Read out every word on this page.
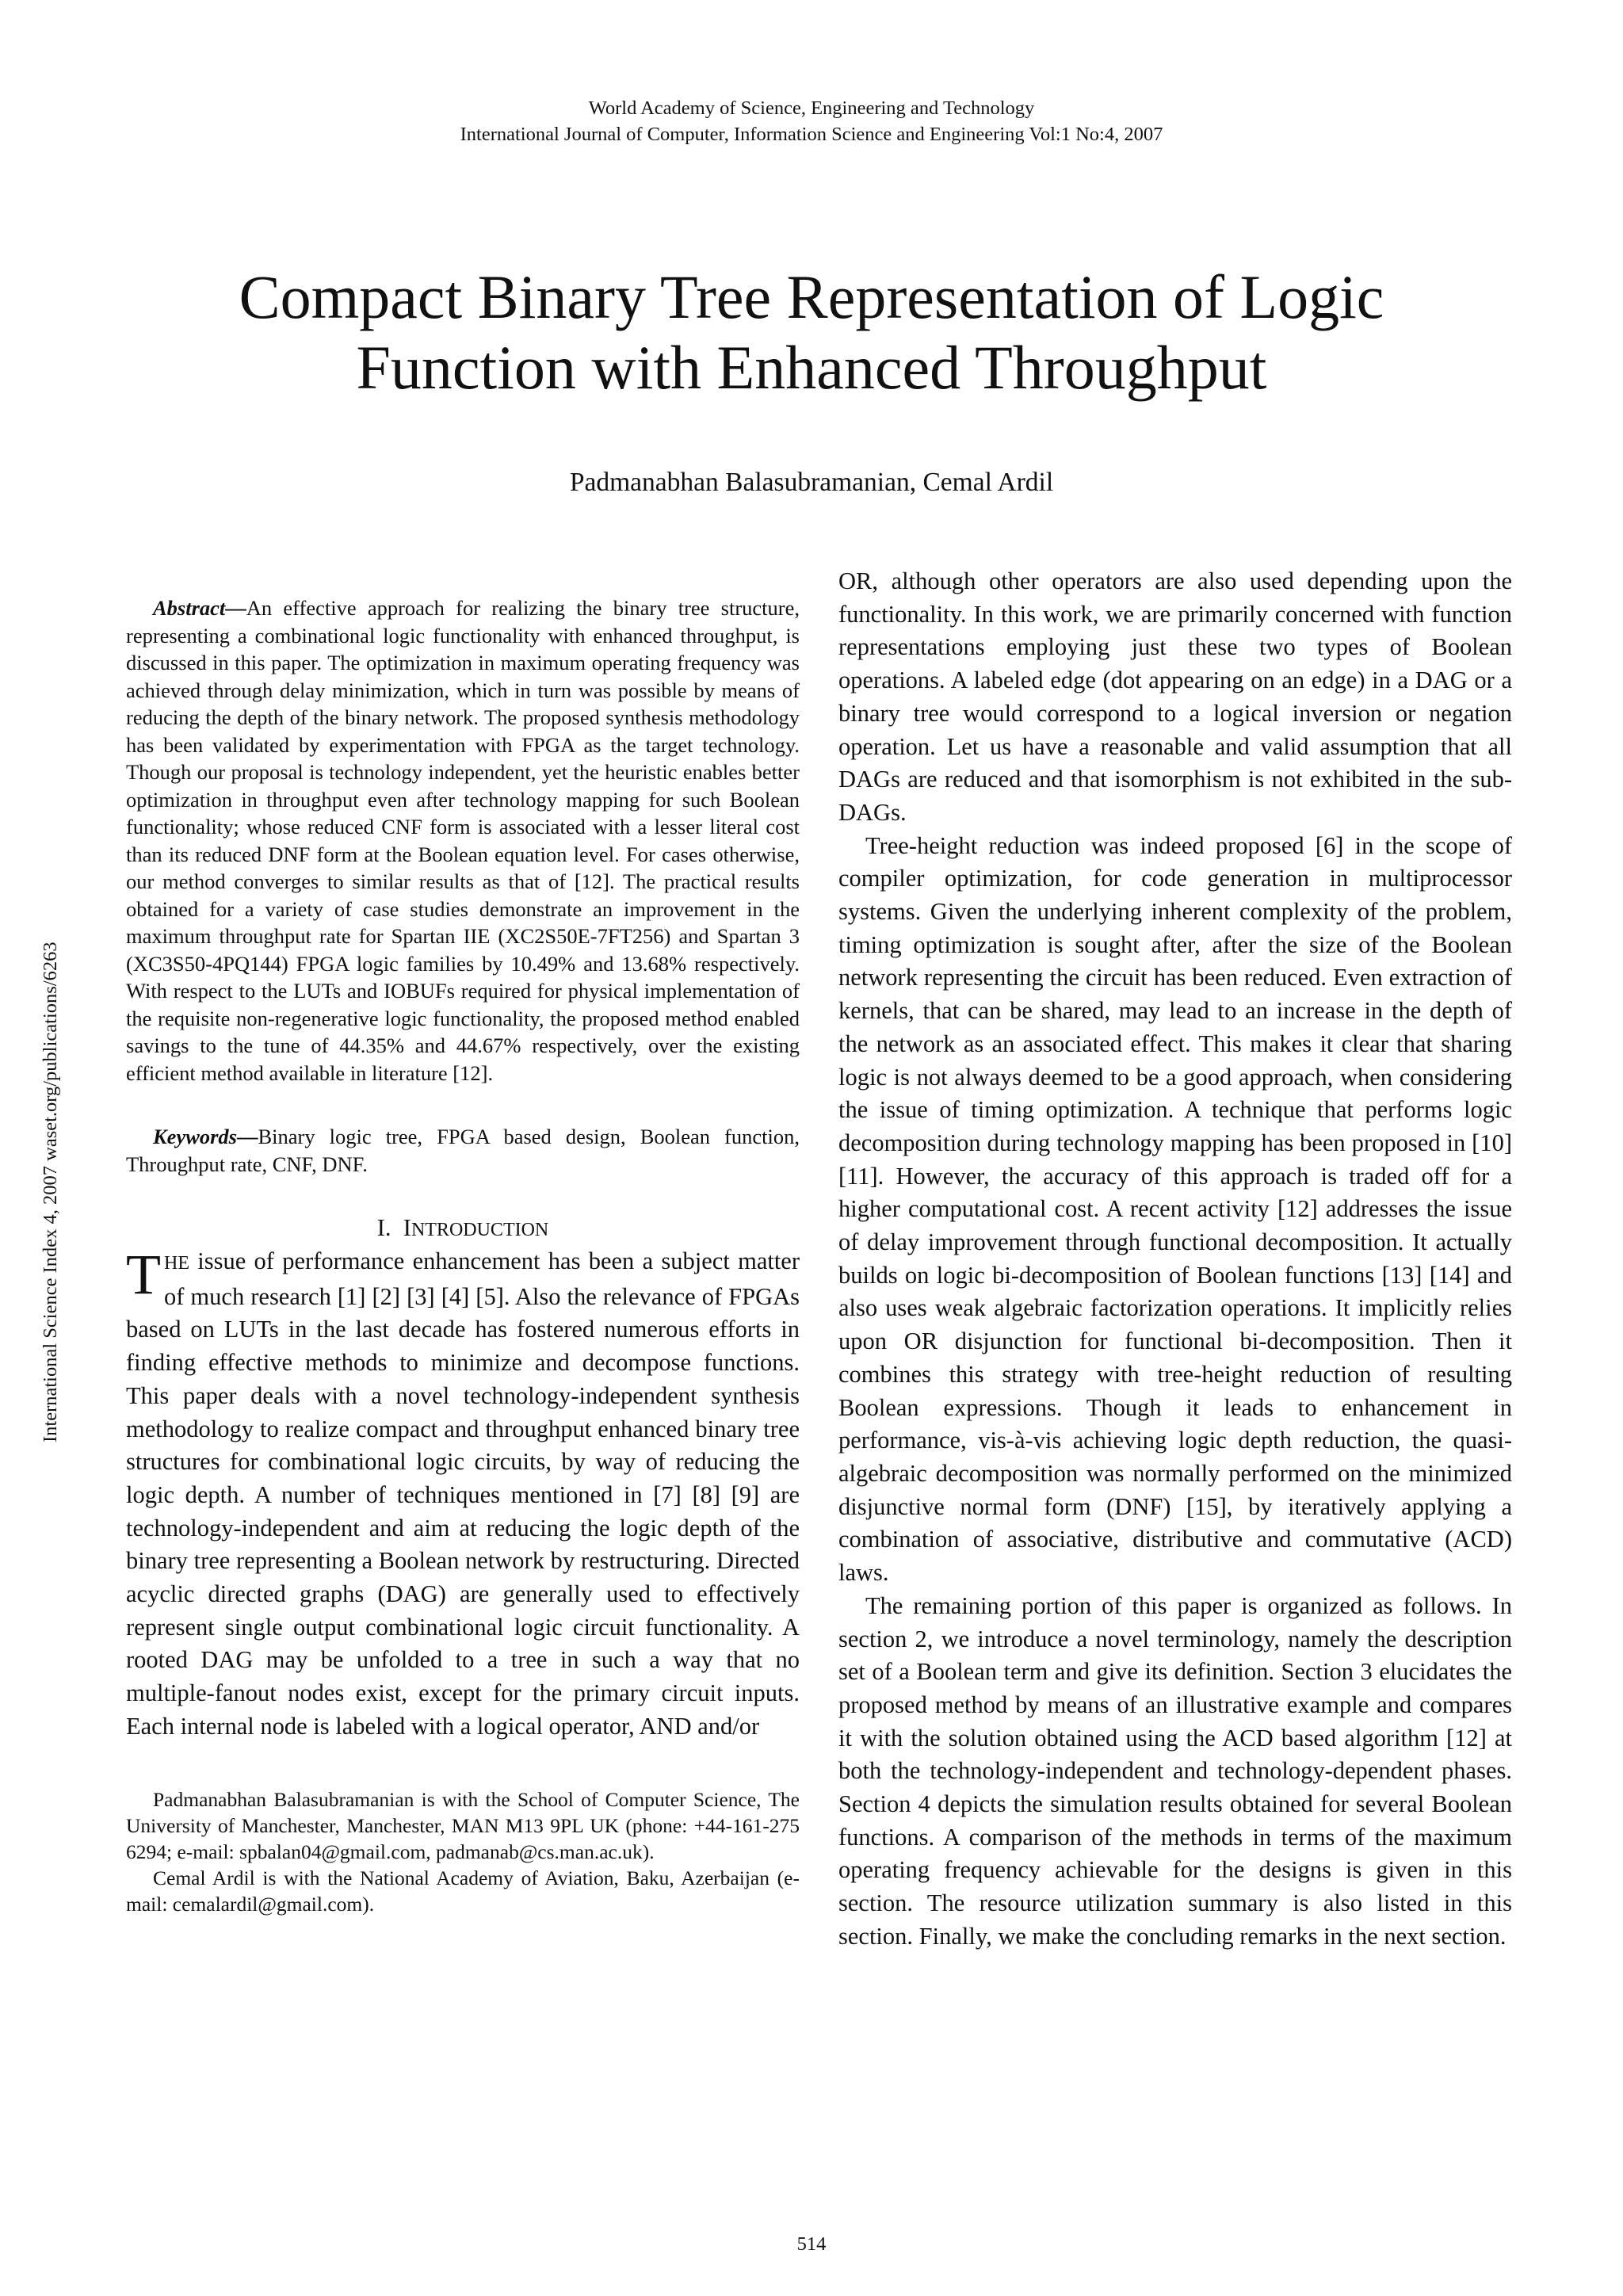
World Academy of Science, Engineering and Technology
International Journal of Computer, Information Science and Engineering Vol:1 No:4, 2007
Compact Binary Tree Representation of Logic
Function with Enhanced Throughput
Padmanabhan Balasubramanian, Cemal Ardil
International Science Index 4, 2007 waset.org/publications/6263

Abstract—An effective approach for realizing the binary tree structure, representing a combinational logic functionality with enhanced throughput, is discussed in this paper. The optimization in maximum operating frequency was achieved through delay minimization, which in turn was possible by means of reducing the depth of the binary network. The proposed synthesis methodology has been validated by experimentation with FPGA as the target technology. Though our proposal is technology independent, yet the heuristic enables better optimization in throughput even after technology mapping for such Boolean functionality; whose reduced CNF form is associated with a lesser literal cost than its reduced DNF form at the Boolean equation level. For cases otherwise, our method converges to similar results as that of [12]. The practical results obtained for a variety of case studies demonstrate an improvement in the maximum throughput rate for Spartan IIE (XC2S50E-7FT256) and Spartan 3 (XC3S50-4PQ144) FPGA logic families by 10.49% and 13.68% respectively. With respect to the LUTs and IOBUFs required for physical implementation of the requisite non-regenerative logic functionality, the proposed method enabled savings to the tune of 44.35% and 44.67% respectively, over the existing efficient method available in literature [12].

Keywords—Binary logic tree, FPGA based design, Boolean function, Throughput rate, CNF, DNF.

I. INTRODUCTION

THE issue of performance enhancement has been a subject matter of much research [1] [2] [3] [4] [5]. Also the relevance of FPGAs based on LUTs in the last decade has fostered numerous efforts in finding effective methods to minimize and decompose functions. This paper deals with a novel technology-independent synthesis methodology to realize compact and throughput enhanced binary tree structures for combinational logic circuits, by way of reducing the logic depth. A number of techniques mentioned in [7] [8] [9] are technology-independent and aim at reducing the logic depth of the binary tree representing a Boolean network by restructuring. Directed acyclic directed graphs (DAG) are generally used to effectively represent single output combinational logic circuit functionality. A rooted DAG may be unfolded to a tree in such a way that no multiple-fanout nodes exist, except for the primary circuit inputs. Each internal node is labeled with a logical operator, AND and/or

Padmanabhan Balasubramanian is with the School of Computer Science, The University of Manchester, Manchester, MAN M13 9PL UK (phone: +44-161-275 6294; e-mail: spbalan04@gmail.com, padmanab@cs.man.ac.uk).

Cemal Ardil is with the National Academy of Aviation, Baku, Azerbaijan (e-mail: cemalardil@gmail.com).

OR, although other operators are also used depending upon the functionality. In this work, we are primarily concerned with function representations employing just these two types of Boolean operations. A labeled edge (dot appearing on an edge) in a DAG or a binary tree would correspond to a logical inversion or negation operation. Let us have a reasonable and valid assumption that all DAGs are reduced and that isomorphism is not exhibited in the sub-DAGs.

Tree-height reduction was indeed proposed [6] in the scope of compiler optimization, for code generation in multiprocessor systems. Given the underlying inherent complexity of the problem, timing optimization is sought after, after the size of the Boolean network representing the circuit has been reduced. Even extraction of kernels, that can be shared, may lead to an increase in the depth of the network as an associated effect. This makes it clear that sharing logic is not always deemed to be a good approach, when considering the issue of timing optimization. A technique that performs logic decomposition during technology mapping has been proposed in [10] [11]. However, the accuracy of this approach is traded off for a higher computational cost. A recent activity [12] addresses the issue of delay improvement through functional decomposition. It actually builds on logic bi-decomposition of Boolean functions [13] [14] and also uses weak algebraic factorization operations. It implicitly relies upon OR disjunction for functional bi-decomposition. Then it combines this strategy with tree-height reduction of resulting Boolean expressions. Though it leads to enhancement in performance, vis-à-vis achieving logic depth reduction, the quasi-algebraic decomposition was normally performed on the minimized disjunctive normal form (DNF) [15], by iteratively applying a combination of associative, distributive and commutative (ACD) laws.

The remaining portion of this paper is organized as follows. In section 2, we introduce a novel terminology, namely the description set of a Boolean term and give its definition. Section 3 elucidates the proposed method by means of an illustrative example and compares it with the solution obtained using the ACD based algorithm [12] at both the technology-independent and technology-dependent phases. Section 4 depicts the simulation results obtained for several Boolean functions. A comparison of the methods in terms of the maximum operating frequency achievable for the designs is given in this section. The resource utilization summary is also listed in this section. Finally, we make the concluding remarks in the next section.

514
